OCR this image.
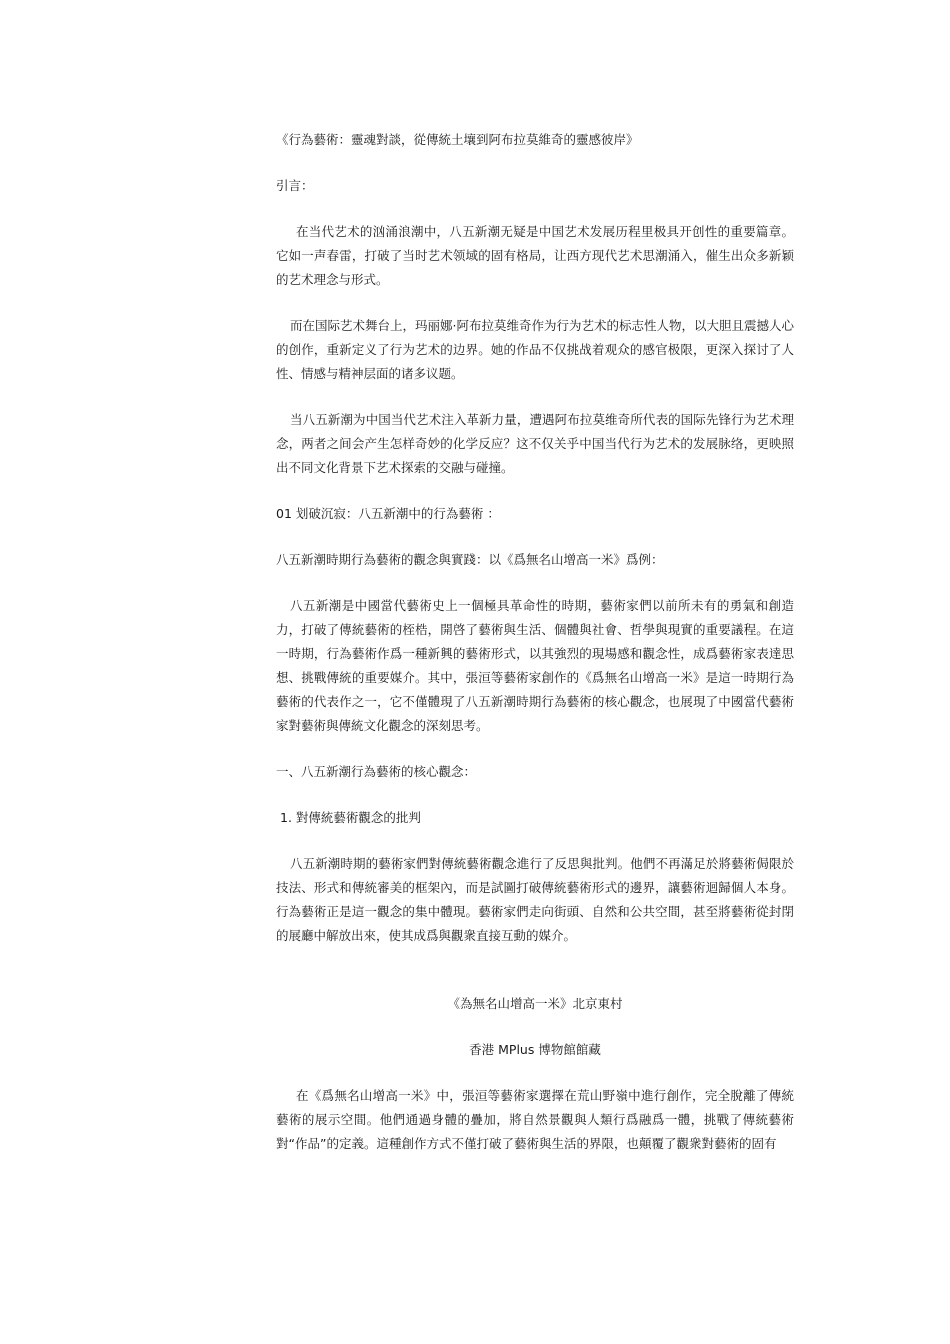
《行為藝術：靈魂對談，從傳統土壤到阿布拉莫維奇的靈感彼岸》
引言：
在当代艺术的汹涌浪潮中，八五新潮无疑是中国艺术发展历程里极具开创性的重要篇章。它如一声春雷，打破了当时艺术领域的固有格局，让西方现代艺术思潮涌入，催生出众多新颖的艺术理念与形式。
而在国际艺术舞台上，玛丽娜·阿布拉莫维奇作为行为艺术的标志性人物，以大胆且震撼人心的创作，重新定义了行为艺术的边界。她的作品不仅挑战着观众的感官极限，更深入探讨了人性、情感与精神层面的诸多议题。
当八五新潮为中国当代艺术注入革新力量，遭遇阿布拉莫维奇所代表的国际先锋行为艺术理念，两者之间会产生怎样奇妙的化学反应？这不仅关乎中国当代行为艺术的发展脉络，更映照出不同文化背景下艺术探索的交融与碰撞。
01 划破沉寂：八五新潮中的行為藝術 ：
八五新潮時期行為藝術的觀念與實踐：以《爲無名山增高一米》爲例：
八五新潮是中國當代藝術史上一個極具革命性的時期，藝術家們以前所未有的勇氣和創造力，打破了傳統藝術的桎梏，開啓了藝術與生活、個體與社會、哲學與現實的重要議程。在這一時期，行為藝術作爲一種新興的藝術形式，以其強烈的現場感和觀念性，成爲藝術家表達思想、挑戰傳統的重要媒介。其中，張洹等藝術家創作的《爲無名山增高一米》是這一時期行為藝術的代表作之一，它不僅體現了八五新潮時期行為藝術的核心觀念，也展現了中國當代藝術家對藝術與傳統文化觀念的深刻思考。
一、八五新潮行為藝術的核心觀念：
1. 對傳統藝術觀念的批判
八五新潮時期的藝術家們對傳統藝術觀念進行了反思與批判。他們不再滿足於將藝術侷限於技法、形式和傳統審美的框架內，而是試圖打破傳統藝術形式的邊界，讓藝術迴歸個人本身。行為藝術正是這一觀念的集中體現。藝術家們走向街頭、自然和公共空間，甚至將藝術從封閉的展廳中解放出來，使其成爲與觀衆直接互動的媒介。
《為無名山增高一米》北京東村
香港 MPlus 博物館館藏
在《爲無名山增高一米》中，張洹等藝術家選擇在荒山野嶺中進行創作，完全脫離了傳統藝術的展示空間。他們通過身體的疊加，將自然景觀與人類行爲融爲一體，挑戰了傳統藝術對“作品”的定義。這種創作方式不僅打破了藝術與生活的界限，也顛覆了觀衆對藝術的固有
